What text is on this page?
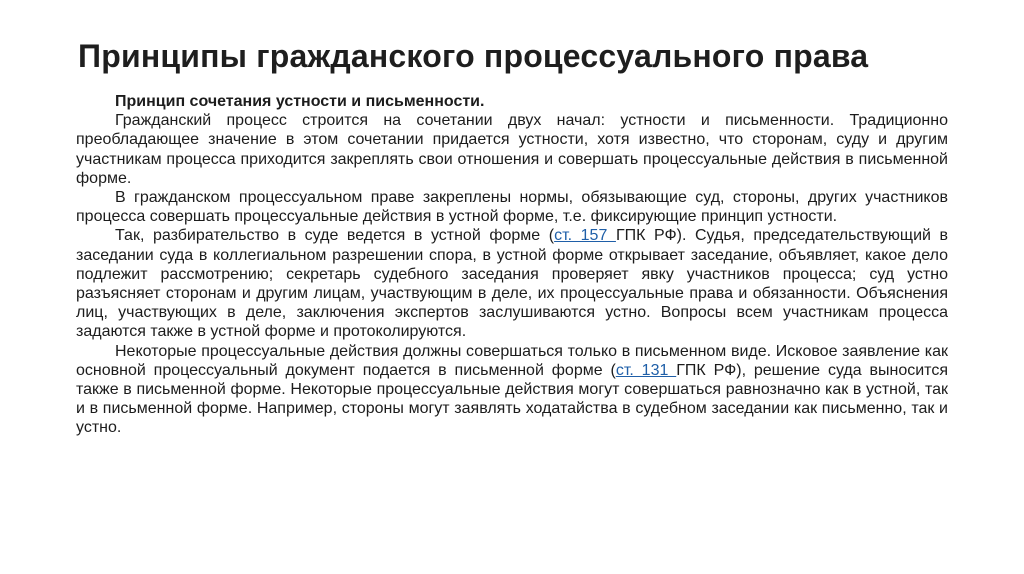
Принципы гражданского процессуального права

Принцип сочетания устности и письменности.

Гражданский процесс строится на сочетании двух начал: устности и письменности. Традиционно преобладающее значение в этом сочетании придается устности, хотя известно, что сторонам, суду и другим участникам процесса приходится закреплять свои отношения и совершать процессуальные действия в письменной форме.

В гражданском процессуальном праве закреплены нормы, обязывающие суд, стороны, других участников процесса совершать процессуальные действия в устной форме, т.е. фиксирующие принцип устности.

Так, разбирательство в суде ведется в устной форме (ст. 157 ГПК РФ). Судья, председательствующий в заседании суда в коллегиальном разрешении спора, в устной форме открывает заседание, объявляет, какое дело подлежит рассмотрению; секретарь судебного заседания проверяет явку участников процесса; суд устно разъясняет сторонам и другим лицам, участвующим в деле, их процессуальные права и обязанности. Объяснения лиц, участвующих в деле, заключения экспертов заслушиваются устно. Вопросы всем участникам процесса задаются также в устной форме и протоколируются.

Некоторые процессуальные действия должны совершаться только в письменном виде. Исковое заявление как основной процессуальный документ подается в письменной форме (ст. 131 ГПК РФ), решение суда выносится также в письменной форме. Некоторые процессуальные действия могут совершаться равнозначно как в устной, так и в письменной форме. Например, стороны могут заявлять ходатайства в судебном заседании как письменно, так и устно.
